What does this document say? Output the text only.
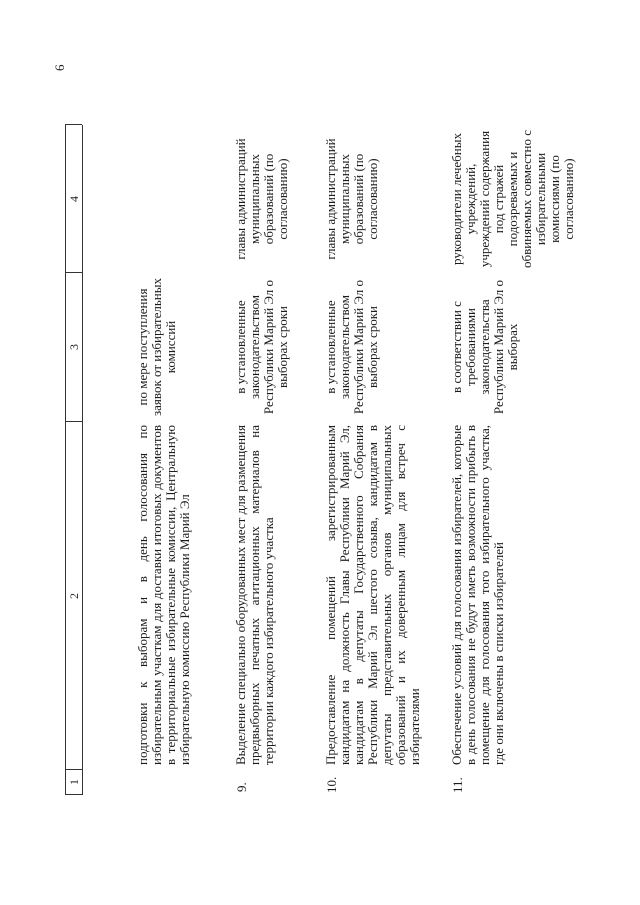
6
1
2
3
4
подготовки к выборам и в день голосования по избирательным участкам для доставки итоговых документов в территориальные избирательные комиссии, Центральную избирательную комиссию Республики Марий Эл
по мере поступления заявок от избирательных комиссий
9.
Выделение специально оборудованных мест для размещения предвыборных печатных агитационных материалов на территории каждого избирательного участка
в установленные законодательством Республики Марий Эл о выборах сроки
главы администраций муниципальных образований (по согласованию)
10.
Предоставление помещений зарегистрированным кандидатам на должность Главы Республики Марий Эл, кандидатам в депутаты Государственного Собрания Республики Марий Эл шестого созыва, кандидатам в депутаты представительных органов муниципальных образований и их доверенным лицам для встреч с избирателями
в установленные законодательством Республики Марий Эл о выборах сроки
главы администраций муниципальных образований (по согласованию)
11.
Обеспечение условий для голосования избирателей, которые в день голосования не будут иметь возможности прибыть в помещение для голосования того избирательного участка, где они включены в списки избирателей
в соответствии с требованиями законодательства Республики Марий Эл о выборах
руководители лечебных учреждений, учреждений содержания под стражей подозреваемых и обвиняемых совместно с избирательными комиссиями (по согласованию)
